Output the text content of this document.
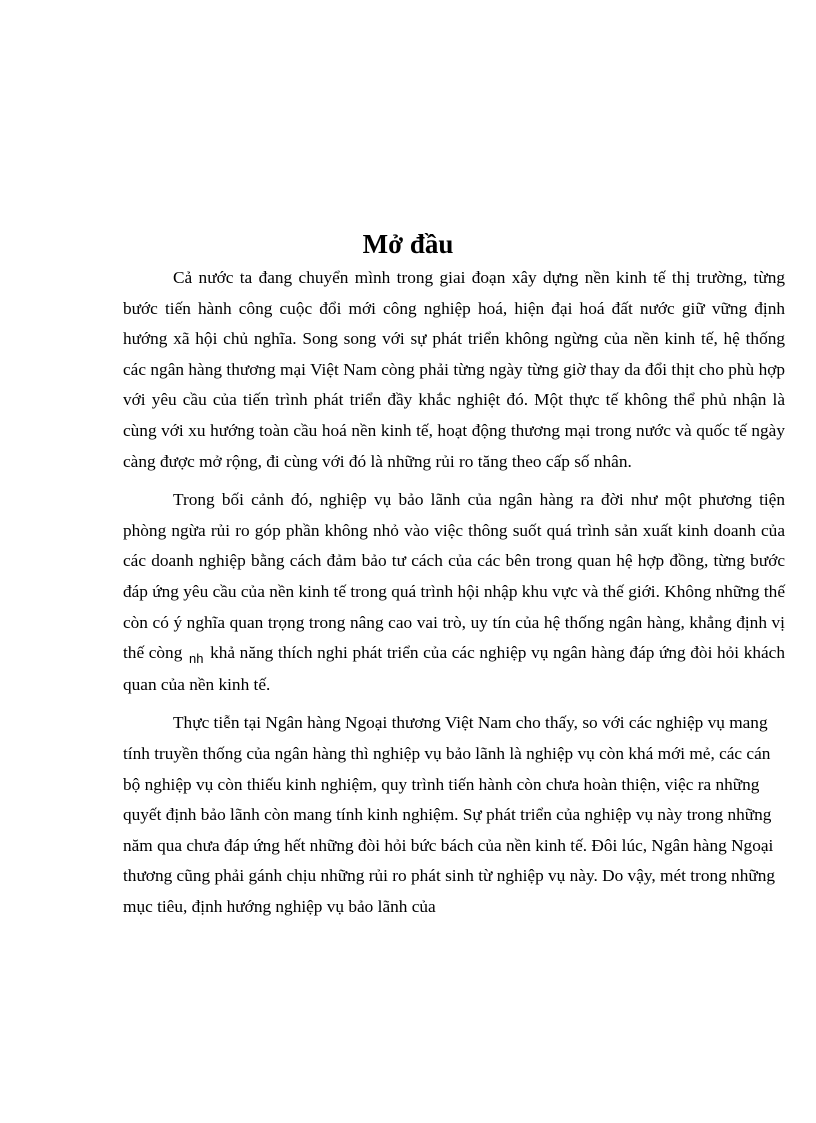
Mở đầu

Cả nước ta đang chuyển mình trong giai đoạn xây dựng nền kinh tế thị trường, từng bước tiến hành công cuộc đổi mới công nghiệp hoá, hiện đại hoá đất nước giữ vững định hướng xã hội chủ nghĩa. Song song với sự phát triển không ngừng của nền kinh tế, hệ thống các ngân hàng thương mại Việt Nam còng phải từng ngày từng giờ thay da đổi thịt cho phù hợp với yêu cầu của tiến trình phát triển đầy khắc nghiệt đó. Một thực tế không thể phủ nhận là cùng với xu hướng toàn cầu hoá nền kinh tế, hoạt động thương mại trong nước và quốc tế ngày càng được mở rộng, đi cùng với đó là những rủi ro tăng theo cấp số nhân.

Trong bối cảnh đó, nghiệp vụ bảo lãnh của ngân hàng ra đời như một phương tiện phòng ngừa rủi ro góp phần không nhỏ vào việc thông suốt quá trình sản xuất kinh doanh của các doanh nghiệp bằng cách đảm bảo tư cách của các bên trong quan hệ hợp đồng, từng bước đáp ứng yêu cầu của nền kinh tế trong quá trình hội nhập khu vực và thế giới. Không những thế còn có ý nghĩa quan trọng trong nâng cao vai trò, uy tín của hệ thống ngân hàng, khẳng định vị thế còng $_{nh}$ khả năng thích nghi phát triển của các nghiệp vụ ngân hàng đáp ứng đòi hỏi khách quan của nền kinh tế.

Thực tiễn tại Ngân hàng Ngoại thương Việt Nam cho thấy, so với các nghiệp vụ mang tính truyền thống của ngân hàng thì nghiệp vụ bảo lãnh là nghiệp vụ còn khá mới mẻ, các cán bộ nghiệp vụ còn thiếu kinh nghiệm, quy trình tiến hành còn chưa hoàn thiện, việc ra những quyết định bảo lãnh còn mang tính kinh nghiệm. Sự phát triển của nghiệp vụ này trong những năm qua chưa đáp ứng hết những đòi hỏi bức bách của nền kinh tế. Đôi lúc, Ngân hàng Ngoại thương cũng phải gánh chịu những rủi ro phát sinh từ nghiệp vụ này. Do vậy, mét trong những mục tiêu, định hướng nghiệp vụ bảo lãnh của
